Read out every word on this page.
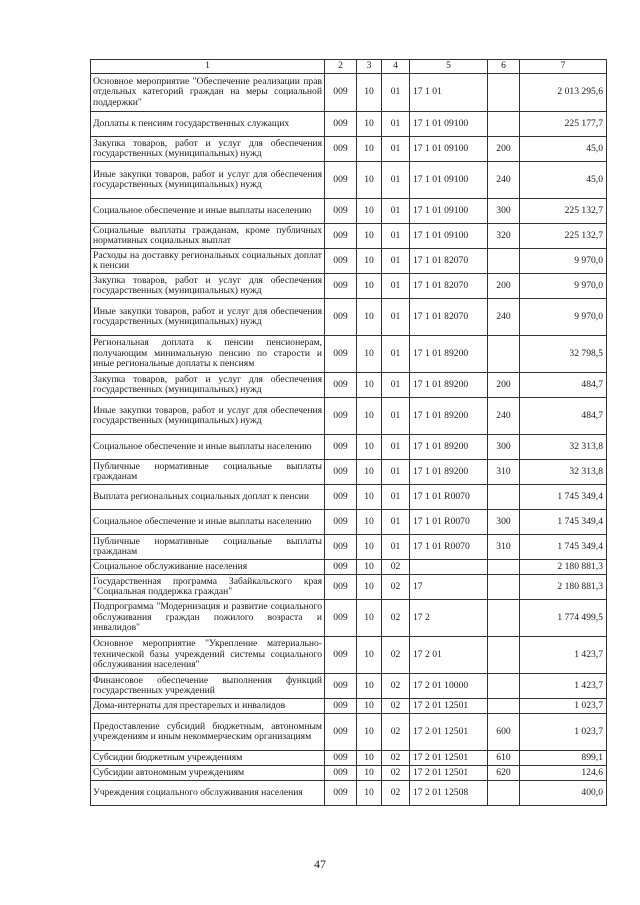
1	2	3	4	5	6	7
Основное мероприятие "Обеспечение реализации прав отдельных категорий граждан на меры социальной поддержки"	009	10	01	17 1 01		2 013 295,6
Доплаты к пенсиям государственных служащих	009	10	01	17 1 01 09100		225 177,7
Закупка товаров, работ и услуг для обеспечения государственных (муниципальных) нужд	009	10	01	17 1 01 09100	200	45,0
Иные закупки товаров, работ и услуг для обеспечения государственных (муниципальных) нужд	009	10	01	17 1 01 09100	240	45,0
Социальное обеспечение и иные выплаты населению	009	10	01	17 1 01 09100	300	225 132,7
Социальные выплаты гражданам, кроме публичных нормативных социальных выплат	009	10	01	17 1 01 09100	320	225 132,7
Расходы на доставку региональных социальных доплат к пенсии	009	10	01	17 1 01 82070		9 970,0
Закупка товаров, работ и услуг для обеспечения государственных (муниципальных) нужд	009	10	01	17 1 01 82070	200	9 970,0
Иные закупки товаров, работ и услуг для обеспечения государственных (муниципальных) нужд	009	10	01	17 1 01 82070	240	9 970,0
Региональная доплата к пенсии пенсионерам, получающим минимальную пенсию по старости и иные региональные доплаты к пенсиям	009	10	01	17 1 01 89200		32 798,5
Закупка товаров, работ и услуг для обеспечения государственных (муниципальных) нужд	009	10	01	17 1 01 89200	200	484,7
Иные закупки товаров, работ и услуг для обеспечения государственных (муниципальных) нужд	009	10	01	17 1 01 89200	240	484,7
Социальное обеспечение и иные выплаты населению	009	10	01	17 1 01 89200	300	32 313,8
Публичные нормативные социальные выплаты гражданам	009	10	01	17 1 01 89200	310	32 313,8
Выплата региональных социальных доплат к пенсии	009	10	01	17 1 01 R0070		1 745 349,4
Социальное обеспечение и иные выплаты населению	009	10	01	17 1 01 R0070	300	1 745 349,4
Публичные нормативные социальные выплаты гражданам	009	10	01	17 1 01 R0070	310	1 745 349,4
Социальное обслуживание населения	009	10	02			2 180 881,3
Государственная программа Забайкальского края "Социальная поддержка граждан"	009	10	02	17		2 180 881,3
Подпрограмма "Модернизация и развитие социального обслуживания граждан пожилого возраста и инвалидов"	009	10	02	17 2		1 774 499,5
Основное мероприятие "Укрепление материально-технической базы учреждений системы социального обслуживания населения"	009	10	02	17 2 01		1 423,7
Финансовое обеспечение выполнения функций государственных учреждений	009	10	02	17 2 01 10000		1 423,7
Дома-интернаты для престарелых и инвалидов	009	10	02	17 2 01 12501		1 023,7
Предоставление субсидий бюджетным, автономным учреждениям и иным некоммерческим организациям	009	10	02	17 2 01 12501	600	1 023,7
Субсидии бюджетным учреждениям	009	10	02	17 2 01 12501	610	899,1
Субсидии автономным учреждениям	009	10	02	17 2 01 12501	620	124,6
Учреждения социального обслуживания населения	009	10	02	17 2 01 12508		400,0
47
